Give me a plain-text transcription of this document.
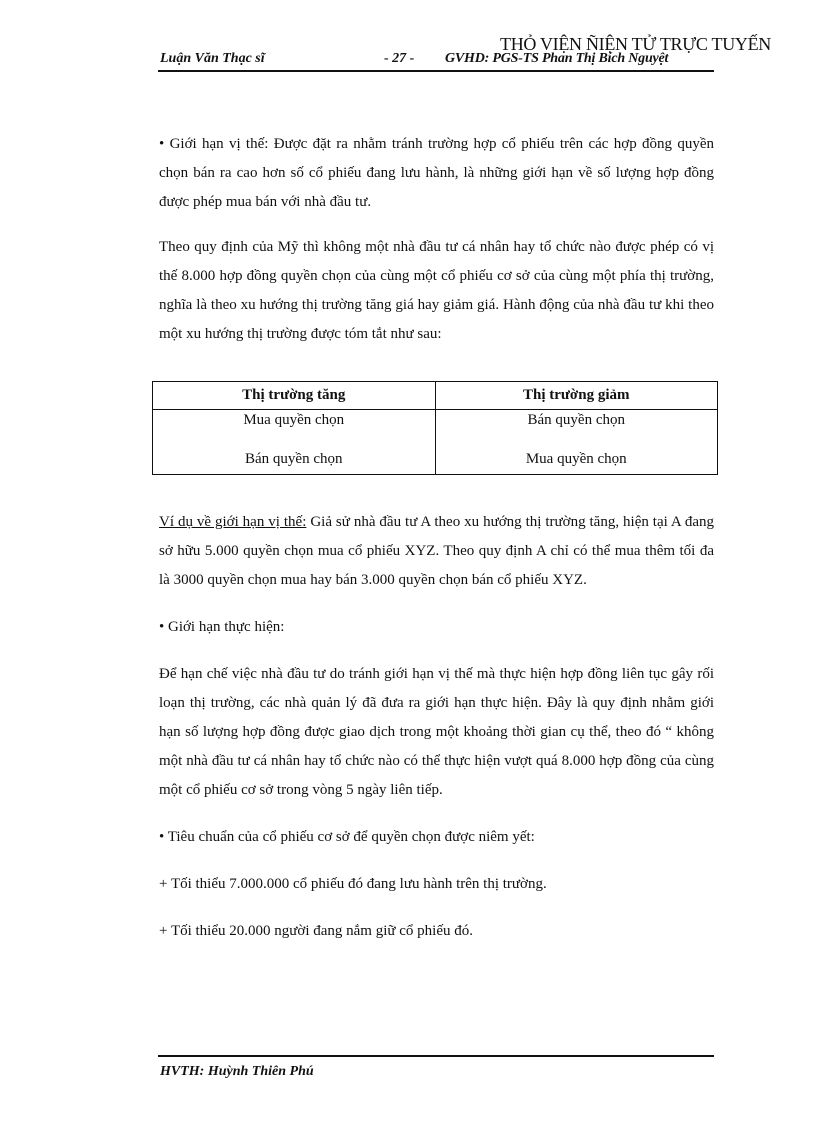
Luận Văn Thạc sĩ	- 27 - GVHD: PGS-TS Phan Thị Bích Nguyệt
THỎ VIỆN ÑIỆN TỬ TRỰC TUYẾN

• Giới hạn vị thế: Được đặt ra nhằm tránh trường hợp cổ phiếu trên các hợp đồng quyền chọn bán ra cao hơn số cổ phiếu đang lưu hành, là những giới hạn về số lượng hợp đồng được phép mua bán với nhà đầu tư.

Theo quy định của Mỹ thì không một nhà đầu tư cá nhân hay tổ chức nào được phép có vị thế 8.000 hợp đồng quyền chọn của cùng một cổ phiếu cơ sở của cùng một phía thị trường, nghĩa là theo xu hướng thị trường tăng giá hay giảm giá. Hành động của nhà đầu tư khi theo một xu hướng thị trường được tóm tắt như sau:

Thị trường tăng	Thị trường giảm
Mua quyền chọn	Bán quyền chọn
Bán quyền chọn	Mua quyền chọn

Ví dụ về giới hạn vị thế: Giả sử nhà đầu tư A theo xu hướng thị trường tăng, hiện tại A đang sở hữu 5.000 quyền chọn mua cổ phiếu XYZ. Theo quy định A chỉ có thể mua thêm tối đa là 3000 quyền chọn mua hay bán 3.000 quyền chọn bán cổ phiếu XYZ.

• Giới hạn thực hiện:

Để hạn chế việc nhà đầu tư do tránh giới hạn vị thế mà thực hiện hợp đồng liên tục gây rối loạn thị trường, các nhà quản lý đã đưa ra giới hạn thực hiện. Đây là quy định nhằm giới hạn số lượng hợp đồng được giao dịch trong một khoảng thời gian cụ thể, theo đó “ không một nhà đầu tư cá nhân hay tổ chức nào có thể thực hiện vượt quá 8.000 hợp đồng của cùng một cổ phiếu cơ sở trong vòng 5 ngày liên tiếp.

• Tiêu chuẩn của cổ phiếu cơ sở để quyền chọn được niêm yết:

+ Tối thiểu 7.000.000 cổ phiếu đó đang lưu hành trên thị trường.

+ Tối thiểu 20.000 người đang nắm giữ cổ phiếu đó.

HVTH: Huỳnh Thiên Phú
